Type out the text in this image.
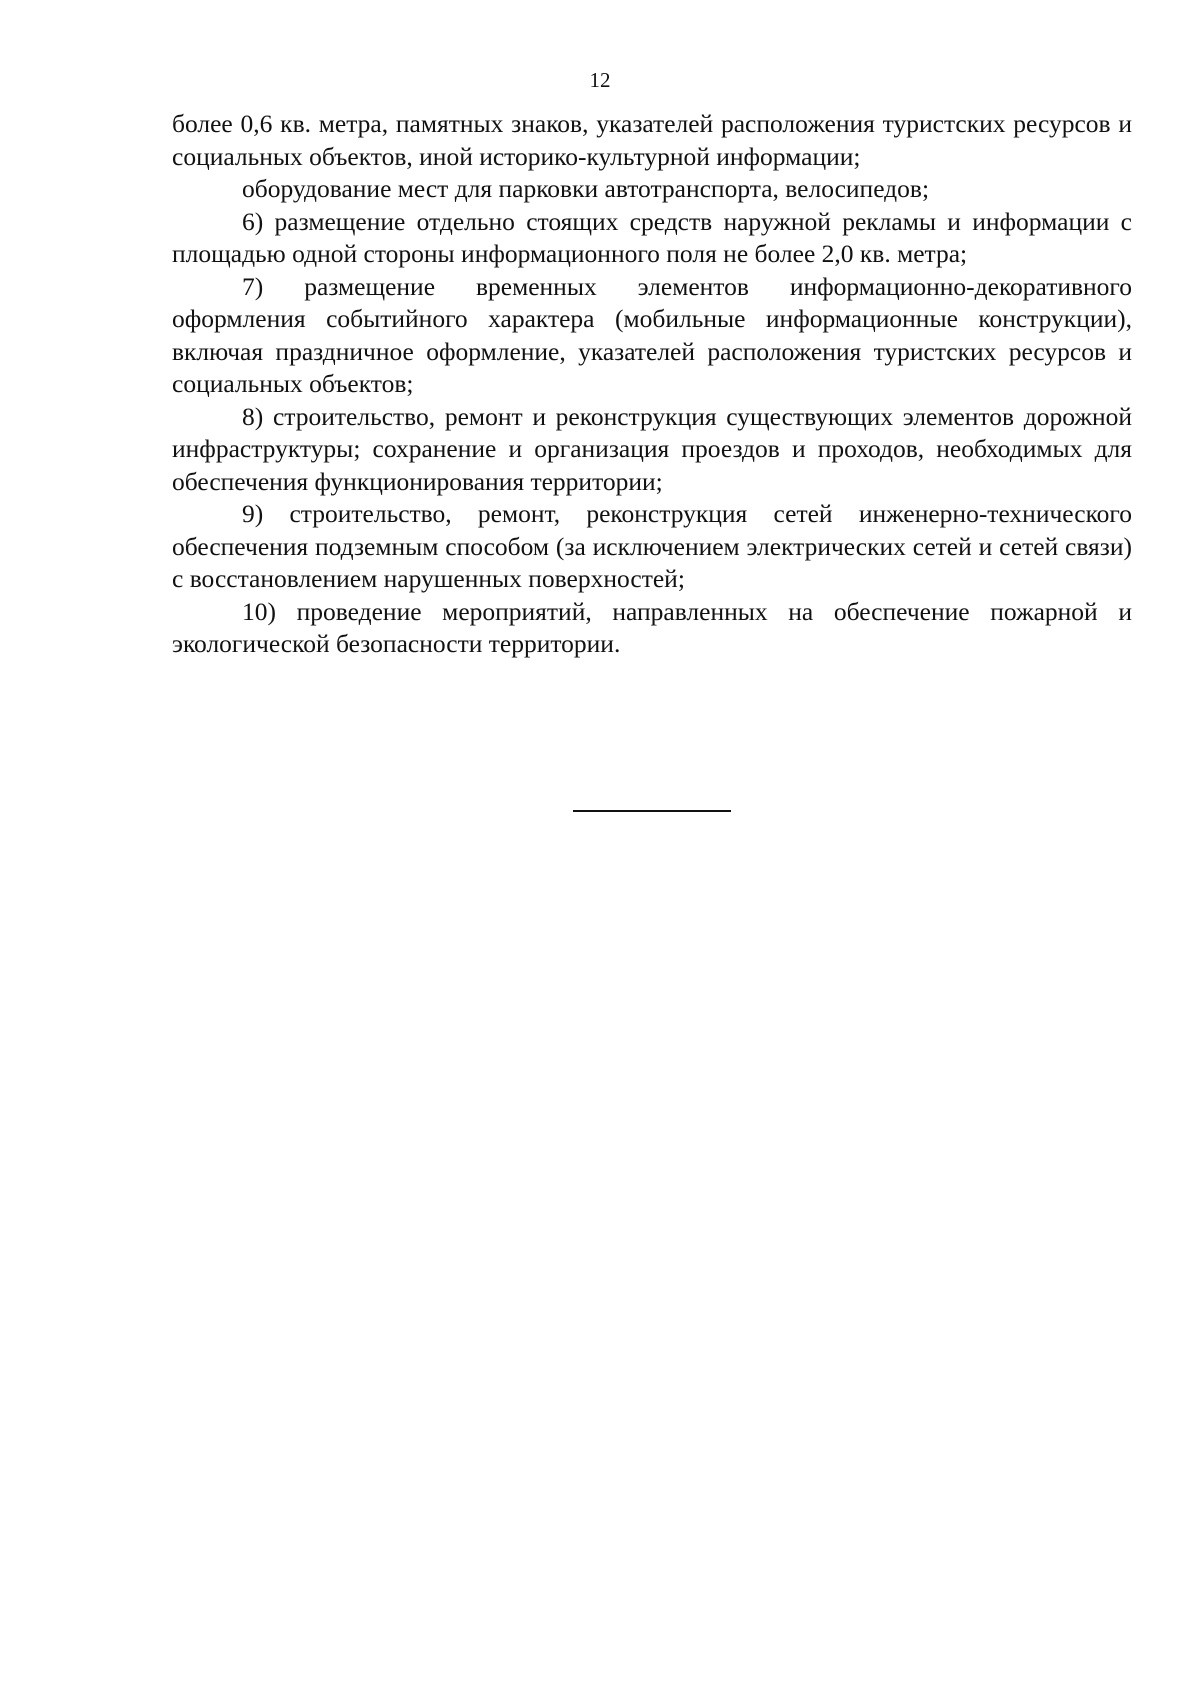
12

более 0,6 кв. метра, памятных знаков, указателей расположения туристских ресурсов и социальных объектов, иной историко-культурной информации;

оборудование мест для парковки автотранспорта, велосипедов;

6) размещение отдельно стоящих средств наружной рекламы и информации с площадью одной стороны информационного поля не более 2,0 кв. метра;

7) размещение временных элементов информационно-декоративного оформления событийного характера (мобильные информационные конструкции), включая праздничное оформление, указателей расположения туристских ресурсов и социальных объектов;

8) строительство, ремонт и реконструкция существующих элементов дорожной инфраструктуры; сохранение и организация проездов и проходов, необходимых для обеспечения функционирования территории;

9) строительство, ремонт, реконструкция сетей инженерно-технического обеспечения подземным способом (за исключением электрических сетей и сетей связи) с восстановлением нарушенных поверхностей;

10) проведение мероприятий, направленных на обеспечение пожарной и экологической безопасности территории.
